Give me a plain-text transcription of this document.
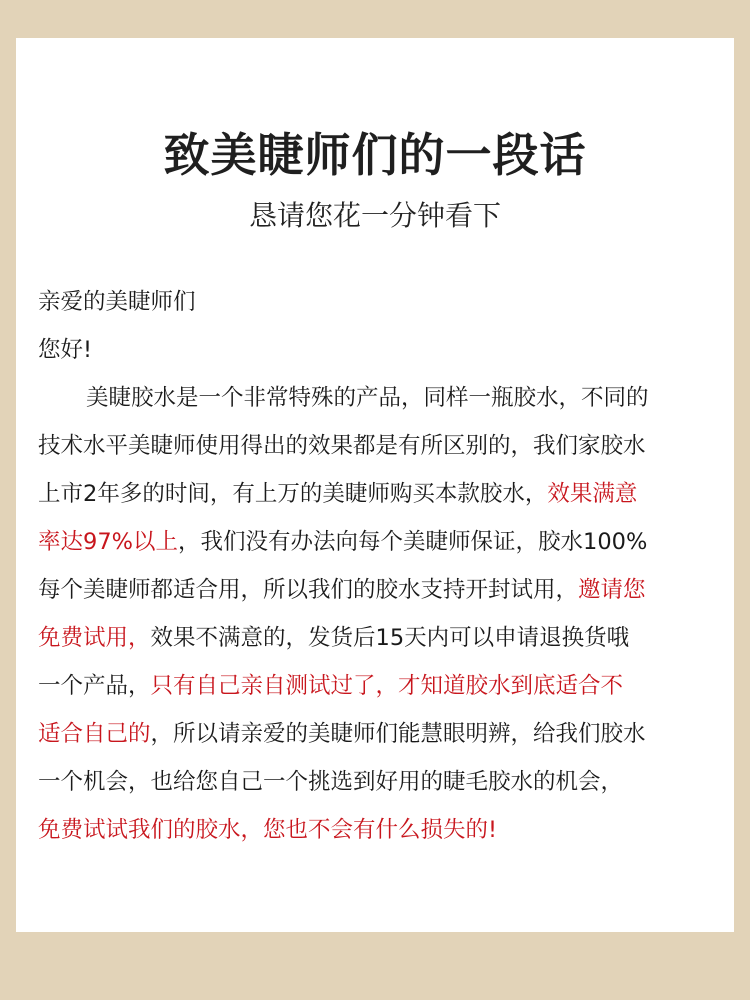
致美睫师们的一段话
恳请您花一分钟看下
亲爱的美睫师们
您好!
美睫胶水是一个非常特殊的产品，同样一瓶胶水，不同的
技术水平美睫师使用得出的效果都是有所区别的，我们家胶水
上市2年多的时间，有上万的美睫师购买本款胶水，效果满意
率达97%以上，我们没有办法向每个美睫师保证，胶水100%
每个美睫师都适合用，所以我们的胶水支持开封试用，邀请您
免费试用，效果不满意的，发货后15天内可以申请退换货哦
一个产品，只有自己亲自测试过了，才知道胶水到底适合不
适合自己的，所以请亲爱的美睫师们能慧眼明辨，给我们胶水
一个机会，也给您自己一个挑选到好用的睫毛胶水的机会，
免费试试我们的胶水，您也不会有什么损失的!
